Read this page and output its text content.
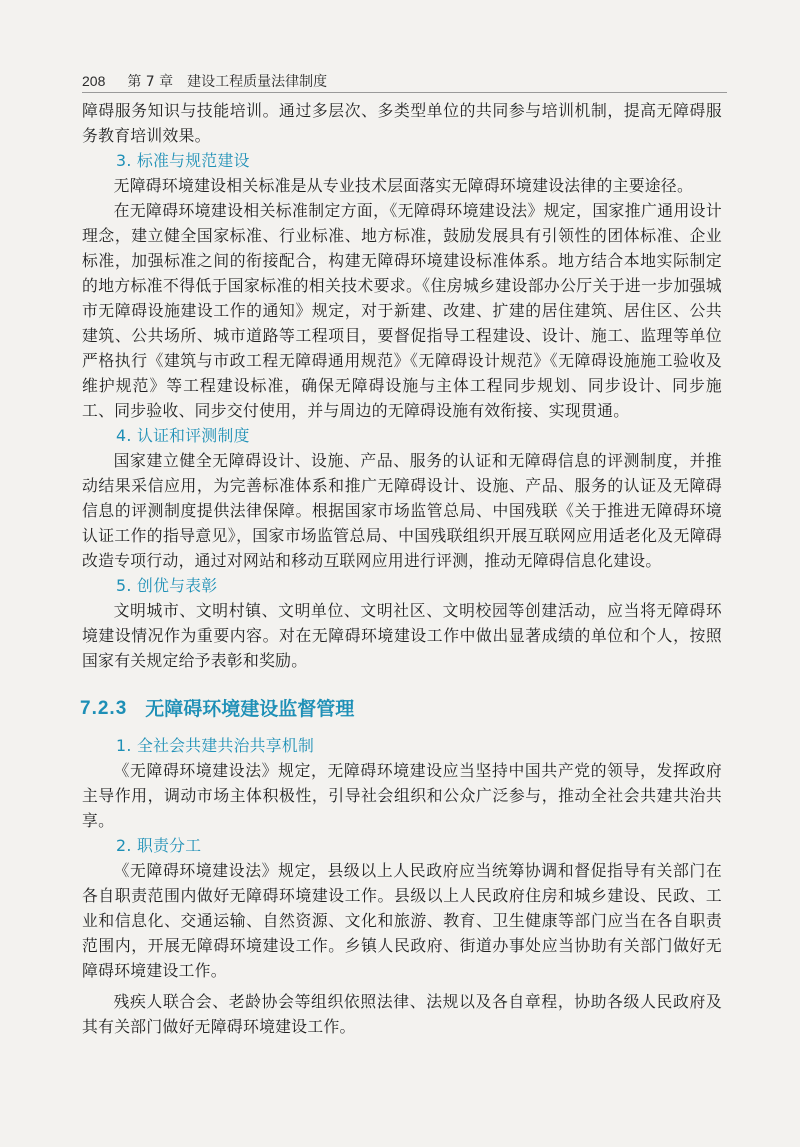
208 第 7 章 建设工程质量法律制度

障碍服务知识与技能培训。通过多层次、多类型单位的共同参与培训机制，提高无障碍服务教育培训效果。

3. 标准与规范建设

无障碍环境建设相关标准是从专业技术层面落实无障碍环境建设法律的主要途径。

在无障碍环境建设相关标准制定方面，《无障碍环境建设法》规定，国家推广通用设计理念，建立健全国家标准、行业标准、地方标准，鼓励发展具有引领性的团体标准、企业标准，加强标准之间的衔接配合，构建无障碍环境建设标准体系。地方结合本地实际制定的地方标准不得低于国家标准的相关技术要求。《住房城乡建设部办公厅关于进一步加强城市无障碍设施建设工作的通知》规定，对于新建、改建、扩建的居住建筑、居住区、公共建筑、公共场所、城市道路等工程项目，要督促指导工程建设、设计、施工、监理等单位严格执行《建筑与市政工程无障碍通用规范》《无障碍设计规范》《无障碍设施施工验收及维护规范》等工程建设标准，确保无障碍设施与主体工程同步规划、同步设计、同步施工、同步验收、同步交付使用，并与周边的无障碍设施有效衔接、实现贯通。

4. 认证和评测制度

国家建立健全无障碍设计、设施、产品、服务的认证和无障碍信息的评测制度，并推动结果采信应用，为完善标准体系和推广无障碍设计、设施、产品、服务的认证及无障碍信息的评测制度提供法律保障。根据国家市场监管总局、中国残联《关于推进无障碍环境认证工作的指导意见》，国家市场监管总局、中国残联组织开展互联网应用适老化及无障碍改造专项行动，通过对网站和移动互联网应用进行评测，推动无障碍信息化建设。

5. 创优与表彰

文明城市、文明村镇、文明单位、文明社区、文明校园等创建活动，应当将无障碍环境建设情况作为重要内容。对在无障碍环境建设工作中做出显著成绩的单位和个人，按照国家有关规定给予表彰和奖励。

7.2.3 无障碍环境建设监督管理

1. 全社会共建共治共享机制

《无障碍环境建设法》规定，无障碍环境建设应当坚持中国共产党的领导，发挥政府主导作用，调动市场主体积极性，引导社会组织和公众广泛参与，推动全社会共建共治共享。

2. 职责分工

《无障碍环境建设法》规定，县级以上人民政府应当统筹协调和督促指导有关部门在各自职责范围内做好无障碍环境建设工作。县级以上人民政府住房和城乡建设、民政、工业和信息化、交通运输、自然资源、文化和旅游、教育、卫生健康等部门应当在各自职责范围内，开展无障碍环境建设工作。乡镇人民政府、街道办事处应当协助有关部门做好无障碍环境建设工作。

残疾人联合会、老龄协会等组织依照法律、法规以及各自章程，协助各级人民政府及其有关部门做好无障碍环境建设工作。
